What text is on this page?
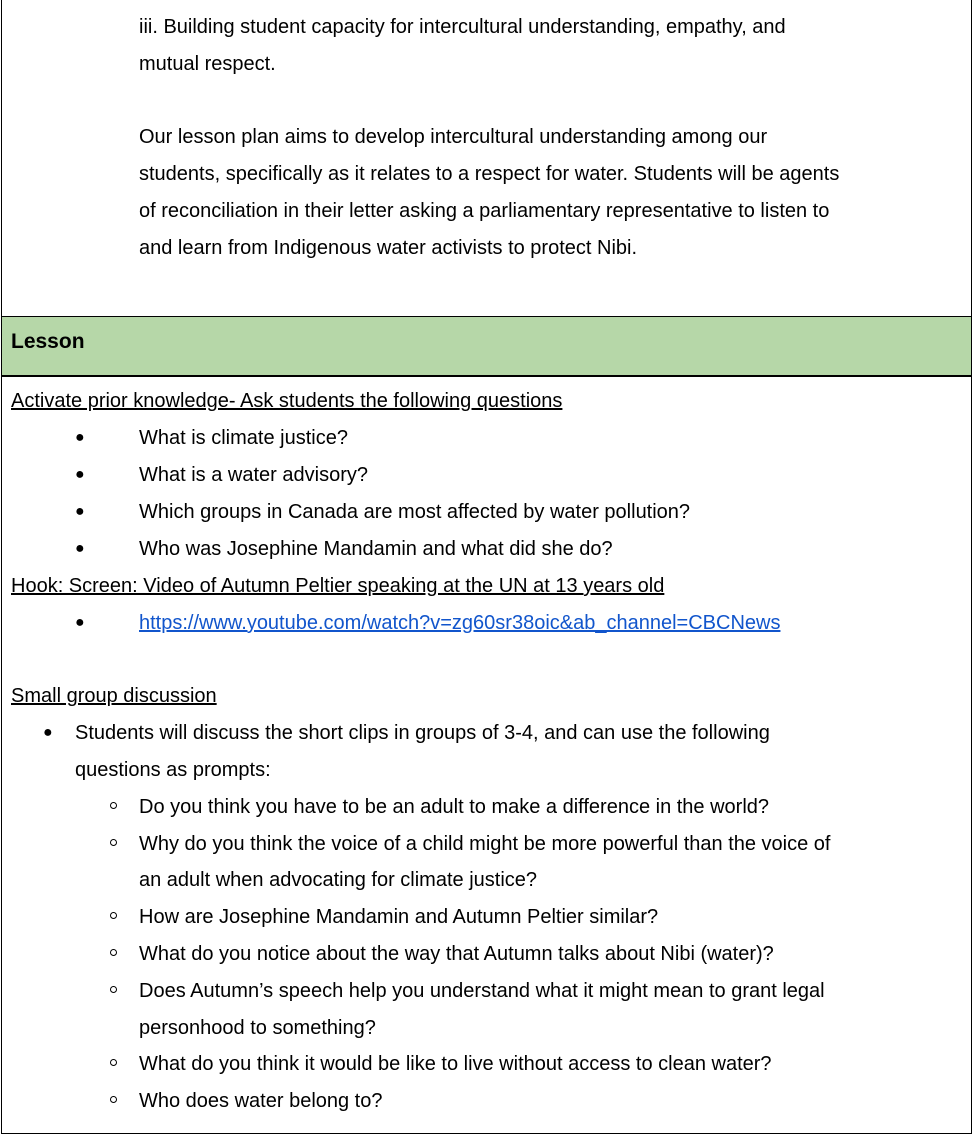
iii. Building student capacity for intercultural understanding, empathy, and
mutual respect.
Our lesson plan aims to develop intercultural understanding among our
students, specifically as it relates to a respect for water. Students will be agents
of reconciliation in their letter asking a parliamentary representative to listen to
and learn from Indigenous water activists to protect Nibi.
Lesson
Activate prior knowledge- Ask students the following questions
●	What is climate justice?
●	What is a water advisory?
●	Which groups in Canada are most affected by water pollution?
●	Who was Josephine Mandamin and what did she do?
Hook: Screen: Video of Autumn Peltier speaking at the UN at 13 years old
●	https://www.youtube.com/watch?v=zg60sr38oic&ab_channel=CBCNews
Small group discussion
● Students will discuss the short clips in groups of 3-4, and can use the following
questions as prompts:
Do you think you have to be an adult to make a difference in the world?
Why do you think the voice of a child might be more powerful than the voice of
an adult when advocating for climate justice?
How are Josephine Mandamin and Autumn Peltier similar?
What do you notice about the way that Autumn talks about Nibi (water)?
Does Autumn’s speech help you understand what it might mean to grant legal
personhood to something?
What do you think it would be like to live without access to clean water?
Who does water belong to?
